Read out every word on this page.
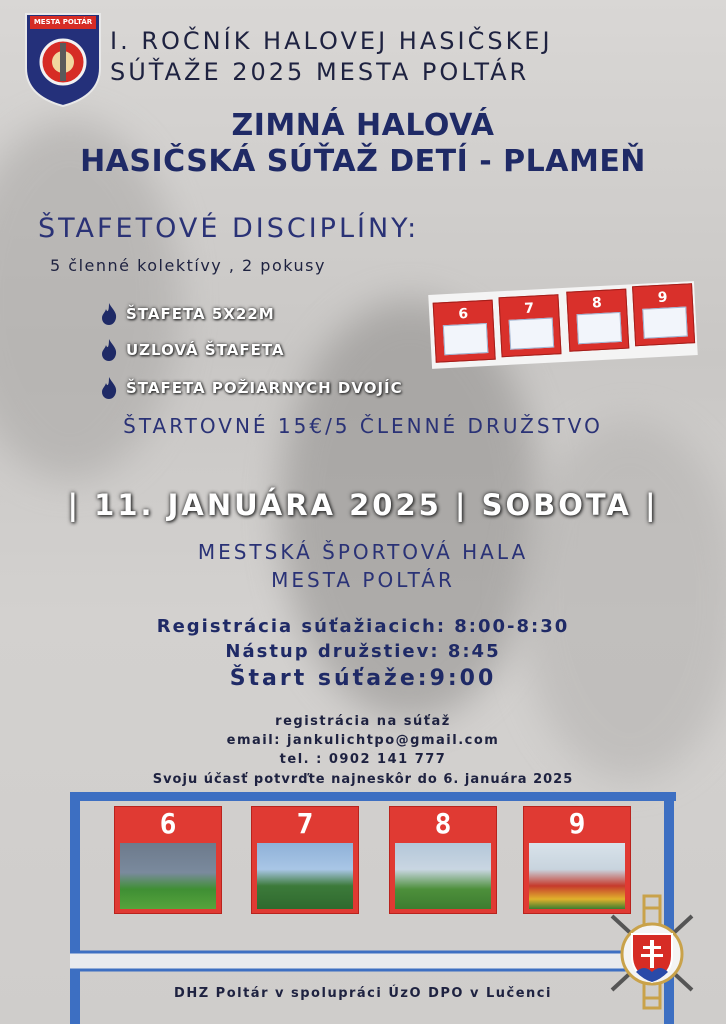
MESTA POLTÁR
I. ROČNÍK HALOVEJ HASIČSKEJ
SÚŤAŽE 2025 MESTA POLTÁR
ZIMNÁ HALOVÁ
HASIČSKÁ SÚŤAŽ DETÍ - PLAMEŇ
ŠTAFETOVÉ DISCIPLÍNY:
5 členné kolektívy , 2 pokusy
ŠTAFETA 5X22M
UZLOVÁ ŠTAFETA
ŠTAFETA POŽIARNYCH DVOJÍC
6	7	8	9
ŠTARTOVNÉ 15€/5 ČLENNÉ DRUŽSTVO
| 11. JANUÁRA 2025 | SOBOTA |
MESTSKÁ ŠPORTOVÁ HALA
MESTA POLTÁR
Registrácia súťažiacich: 8:00-8:30
Nástup družstiev: 8:45
Štart súťaže:9:00
registrácia na súťaž
email: jankulichtpo@gmail.com
tel. : 0902 141 777
Svoju účasť potvrďte najneskôr do 6. januára 2025
6	7	8	9
DHZ Poltár v spolupráci ÚzO DPO v Lučenci
